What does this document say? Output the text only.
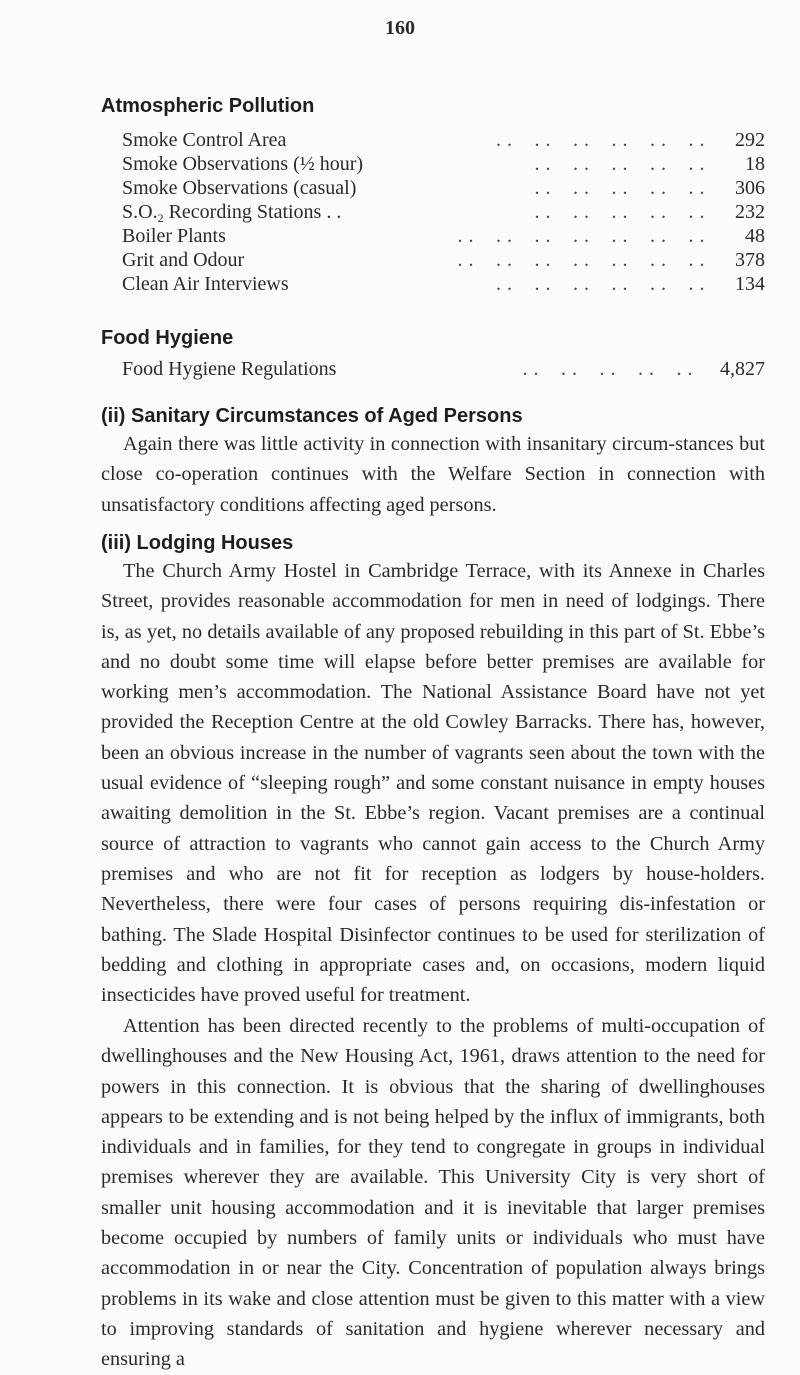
160
Atmospheric Pollution
Smoke Control Area	. .    . .    . .    . .    . .    . . 292
Smoke Observations (½ hour)	. .    . .    . .    . .    . . 18
Smoke Observations (casual)	. .    . .    . .    . .    . . 306
$S.O._2$ Recording Stations . .	. .    . .    . .    . .    . . 232
Boiler Plants	. .    . .    . .    . .    . .    . .    . . 48
Grit and Odour	. .    . .    . .    . .    . .    . .    . . 378
Clean Air Interviews	. .    . .    . .    . .    . .    . . 134
Food Hygiene
Food Hygiene Regulations	. .    . .    . .    . .    . . 4,827
(ii) Sanitary Circumstances of Aged Persons

Again there was little activity in connection with insanitary circum-stances but close co-operation continues with the Welfare Section in connection with unsatisfactory conditions affecting aged persons.

(iii) Lodging Houses

The Church Army Hostel in Cambridge Terrace, with its Annexe in Charles Street, provides reasonable accommodation for men in need of lodgings. There is, as yet, no details available of any proposed rebuilding in this part of St. Ebbe’s and no doubt some time will elapse before better premises are available for working men’s accommodation. The National Assistance Board have not yet provided the Reception Centre at the old Cowley Barracks. There has, however, been an obvious increase in the number of vagrants seen about the town with the usual evidence of “sleeping rough” and some constant nuisance in empty houses awaiting demolition in the St. Ebbe’s region. Vacant premises are a continual source of attraction to vagrants who cannot gain access to the Church Army premises and who are not fit for reception as lodgers by house-holders. Nevertheless, there were four cases of persons requiring dis-infestation or bathing. The Slade Hospital Disinfector continues to be used for sterilization of bedding and clothing in appropriate cases and, on occasions, modern liquid insecticides have proved useful for treatment.

Attention has been directed recently to the problems of multi-occupation of dwellinghouses and the New Housing Act, 1961, draws attention to the need for powers in this connection. It is obvious that the sharing of dwellinghouses appears to be extending and is not being helped by the influx of immigrants, both individuals and in families, for they tend to congregate in groups in individual premises wherever they are available. This University City is very short of smaller unit housing accommodation and it is inevitable that larger premises become occupied by numbers of family units or individuals who must have accommodation in or near the City. Concentration of population always brings problems in its wake and close attention must be given to this matter with a view to improving standards of sanitation and hygiene wherever necessary and ensuring a
